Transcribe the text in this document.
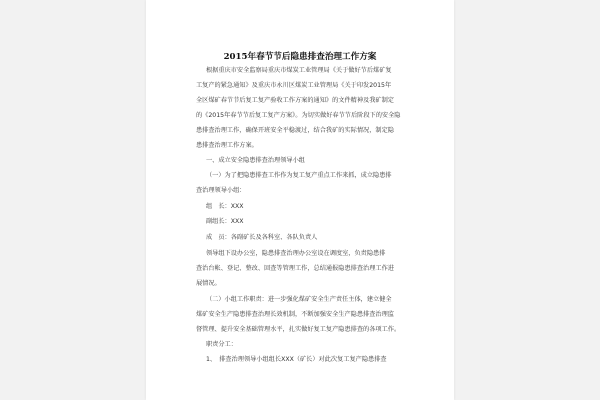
2015年春节节后隐患排查治理工作方案
根据重庆市安全监察局重庆市煤炭工业管理局《关于做好节后煤矿复
工复产的紧急通知》及重庆市永川区煤炭工业管理局《关于印发2015年
全区煤矿春节节后复工复产验收工作方案的通知》的文件精神及我矿制定
的《2015年春节节后复工复产方案》。为切实做好春节节后阶段下的安全隐
患排查治理工作，确保开班安全平稳渡过，结合我矿的实际情况，制定隐
患排查治理工作方案。
一、成立安全隐患排查治理领导小组
（一）为了把隐患排查工作作为复工复产重点工作来抓，成立隐患排
查治理领导小组：
组　长：XXX
副组长：XXX
成　员：各副矿长及各科室、各队负责人
领导组下设办公室，隐患排查治理办公室设在调度室，负责隐患排
查治台帐、登记、整改、回查等管理工作，总结通报隐患排查治理工作进
展情况。
（二）小组工作职责：进一步强化煤矿安全生产责任主体，建立健全
煤矿安全生产隐患排查治理长效机制，不断加强安全生产隐患排查治理监
督管理、提升安全基础管理水平，扎实做好复工复产隐患排查的各项工作。
职责分工：
1、　排查治理领导小组组长XXX（矿长）对此次复工复产隐患排查
